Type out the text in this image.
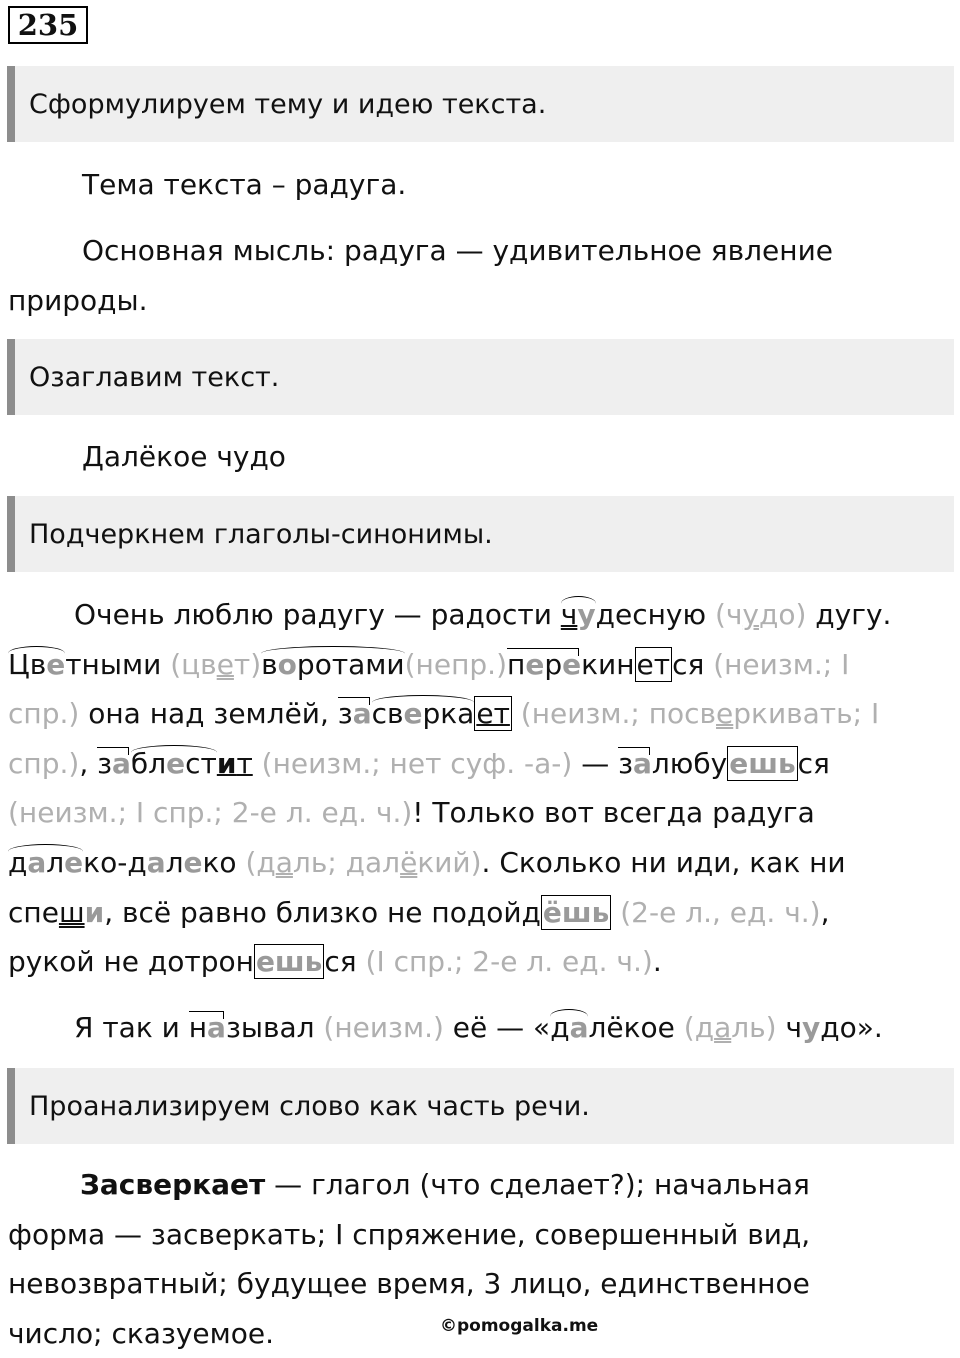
235
Сформулируем тему и идею текста.
Тема текста – радуга.
Основная мысль: радуга — удивительное явление
природы.
Озаглавим текст.
Далёкое чудо
Подчеркнем глаголы-синонимы.
Очень люблю радугу — радости чудесную (чудо) дугу.
Цветными (цвет)воротами(непр.)перекинется (неизм.; I
спр.) она над землёй, засверкает (неизм.; посверкивать; I
спр.), заблестит (неизм.; нет суф. -а-) — залюбуешься
(неизм.; I спр.; 2-е л. ед. ч.)! Только вот всегда радуга
далеко-далеко (даль; далёкий). Сколько ни иди, как ни
спеши, всё равно близко не подойдёшь (2-е л., ед. ч.),
рукой не дотронешься (I спр.; 2-е л. ед. ч.).
Я так и называл (неизм.) её — «далёкое (даль) чудо».
Проанализируем слово как часть речи.
Засверкает — глагол (что сделает?); начальная
форма — засверкать; I спряжение, совершенный вид,
невозвратный; будущее время, 3 лицо, единственное
число; сказуемое.	©pomogalka.me
